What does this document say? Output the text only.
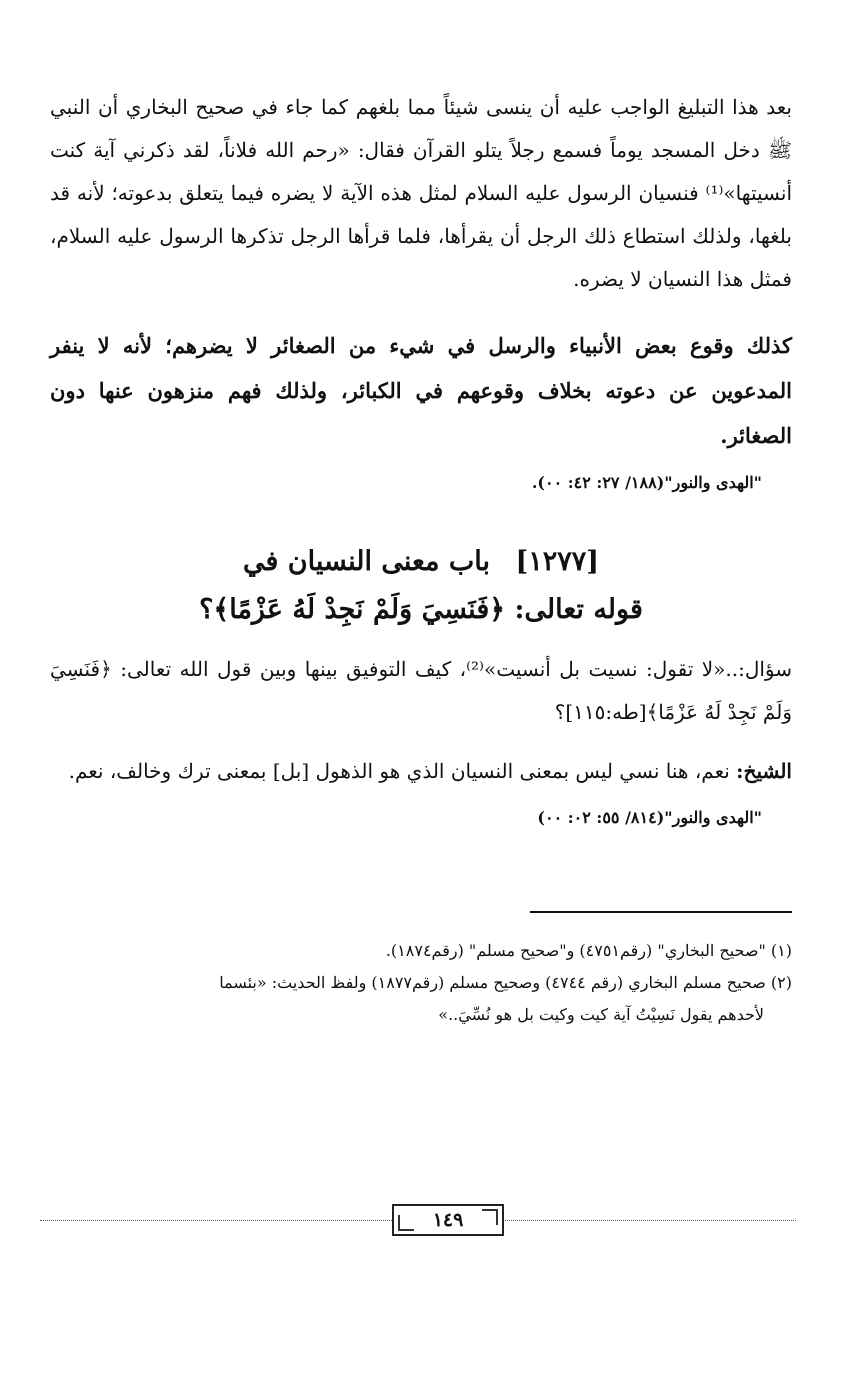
بعد هذا التبليغ الواجب عليه أن ينسى شيئاً مما بلغهم كما جاء في صحيح البخاري أن النبي ﷺ دخل المسجد يوماً فسمع رجلاً يتلو القرآن فقال: «رحم الله فلاناً، لقد ذكرني آية كنت أنسيتها»⁽¹⁾ فنسيان الرسول عليه السلام لمثل هذه الآية لا يضره فيما يتعلق بدعوته؛ لأنه قد بلغها، ولذلك استطاع ذلك الرجل أن يقرأها، فلما قرأها الرجل تذكرها الرسول عليه السلام، فمثل هذا النسيان لا يضره.

كذلك وقوع بعض الأنبياء والرسل في شيء من الصغائر لا يضرهم؛ لأنه لا ينفر المدعوين عن دعوته بخلاف وقوعهم في الكبائر، ولذلك فهم منزهون عنها دون الصغائر.

"الهدى والنور"(١٨٨/ ٢٧: ٤٢: ٠٠).

[١٢٧٧] باب معنى النسيان في
قوله تعالى: ﴿فَنَسِيَ وَلَمْ نَجِدْ لَهُ عَزْمًا﴾؟

سؤال:..«لا تقول: نسيت بل أنسيت»⁽²⁾، كيف التوفيق بينها وبين قول الله تعالى: ﴿فَنَسِيَ وَلَمْ نَجِدْ لَهُ عَزْمًا﴾[طه:١١٥]؟

الشيخ: نعم، هنا نسي ليس بمعنى النسيان الذي هو الذهول [بل] بمعنى ترك وخالف، نعم.

"الهدى والنور"(٨١٤/ ٥٥: ٠٢: ٠٠)

(١) "صحيح البخاري" (رقم٤٧٥١) و"صحيح مسلم" (رقم١٨٧٤).

(٢) صحيح مسلم البخاري (رقم ٤٧٤٤) وصحيح مسلم (رقم١٨٧٧) ولفظ الحديث: «بئسما

لأحدهم يقول نَسِيْتُ آية كيت وكيت بل هو نُسِّيَ..»

١٤٩
